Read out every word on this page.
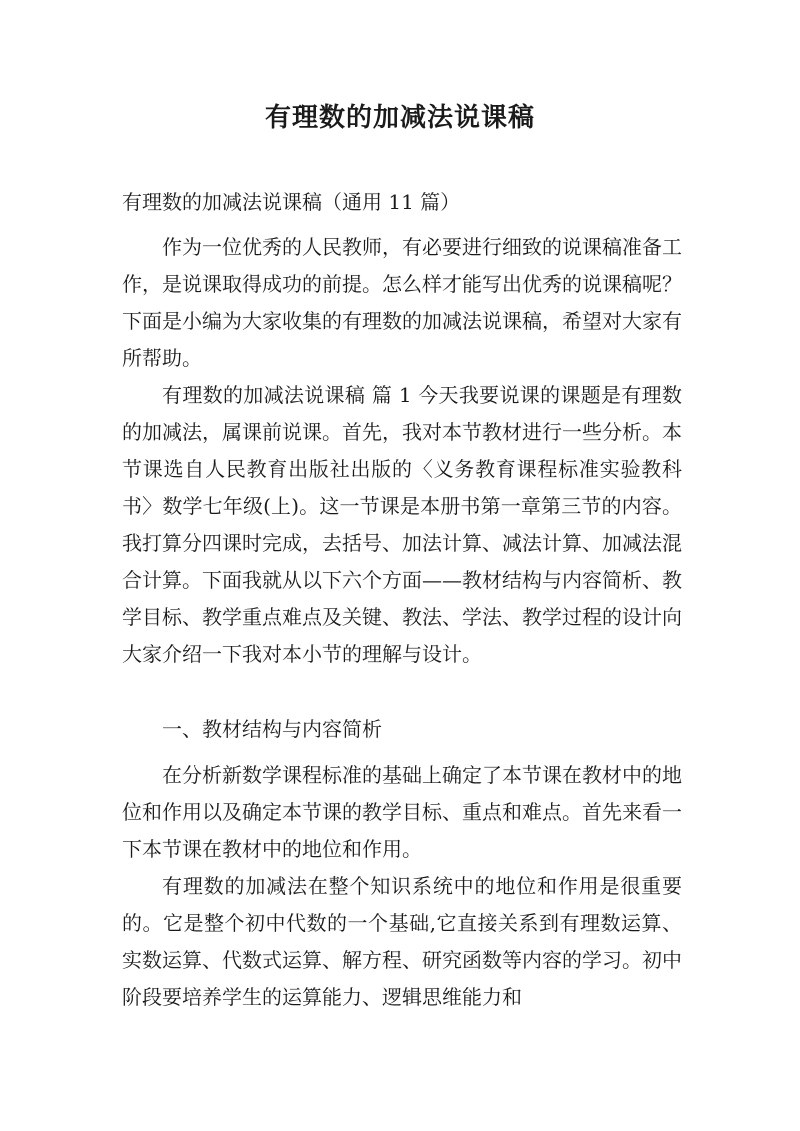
有理数的加减法说课稿

有理数的加减法说课稿（通用 11 篇）

作为一位优秀的人民教师，有必要进行细致的说课稿准备工作，是说课取得成功的前提。怎么样才能写出优秀的说课稿呢？下面是小编为大家收集的有理数的加减法说课稿，希望对大家有所帮助。

有理数的加减法说课稿 篇 1 今天我要说课的课题是有理数的加减法，属课前说课。首先，我对本节教材进行一些分析。本节课选自人民教育出版社出版的〈义务教育课程标准实验教科书〉数学七年级(上)。这一节课是本册书第一章第三节的内容。我打算分四课时完成，去括号、加法计算、减法计算、加减法混合计算。下面我就从以下六个方面——教材结构与内容简析、教学目标、教学重点难点及关键、教法、学法、教学过程的设计向大家介绍一下我对本小节的理解与设计。

一、教材结构与内容简析

在分析新数学课程标准的基础上确定了本节课在教材中的地位和作用以及确定本节课的教学目标、重点和难点。首先来看一下本节课在教材中的地位和作用。

有理数的加减法在整个知识系统中的地位和作用是很重要的。它是整个初中代数的一个基础,它直接关系到有理数运算、实数运算、代数式运算、解方程、研究函数等内容的学习。初中阶段要培养学生的运算能力、逻辑思维能力和
